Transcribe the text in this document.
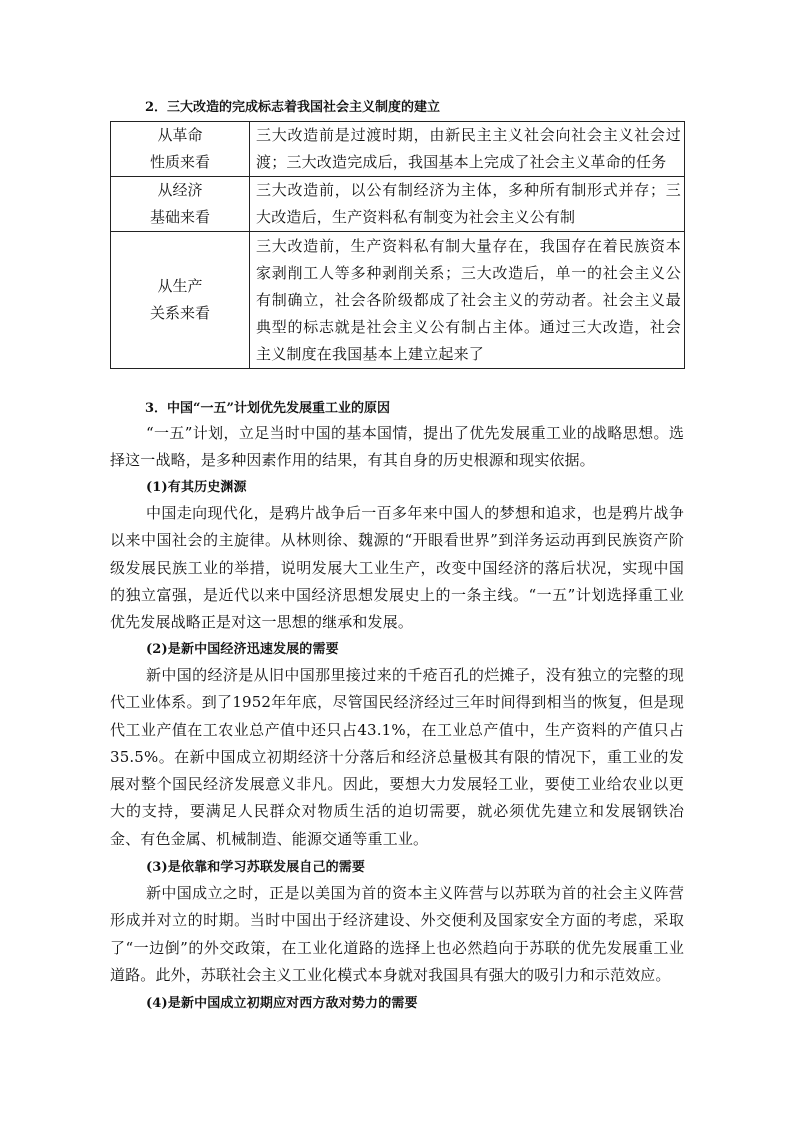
2．三大改造的完成标志着我国社会主义制度的建立
从革命
性质来看	三大改造前是过渡时期，由新民主主义社会向社会主义社会过渡；三大改造完成后，我国基本上完成了社会主义革命的任务

从经济
基础来看	三大改造前，以公有制经济为主体，多种所有制形式并存；三大改造后，生产资料私有制变为社会主义公有制

从生产
关系来看	三大改造前，生产资料私有制大量存在，我国存在着民族资本家剥削工人等多种剥削关系；三大改造后，单一的社会主义公有制确立，社会各阶级都成了社会主义的劳动者。社会主义最典型的标志就是社会主义公有制占主体。通过三大改造，社会主义制度在我国基本上建立起来了
3．中国“一五”计划优先发展重工业的原因
“一五”计划，立足当时中国的基本国情，提出了优先发展重工业的战略思想。选择这一战略，是多种因素作用的结果，有其自身的历史根源和现实依据。
(1)有其历史渊源
中国走向现代化，是鸦片战争后一百多年来中国人的梦想和追求，也是鸦片战争以来中国社会的主旋律。从林则徐、魏源的“开眼看世界”到洋务运动再到民族资产阶级发展民族工业的举措，说明发展大工业生产，改变中国经济的落后状况，实现中国的独立富强，是近代以来中国经济思想发展史上的一条主线。“一五”计划选择重工业优先发展战略正是对这一思想的继承和发展。
(2)是新中国经济迅速发展的需要
新中国的经济是从旧中国那里接过来的千疮百孔的烂摊子，没有独立的完整的现代工业体系。到了1952年年底，尽管国民经济经过三年时间得到相当的恢复，但是现代工业产值在工农业总产值中还只占43.1%，在工业总产值中，生产资料的产值只占35.5%。在新中国成立初期经济十分落后和经济总量极其有限的情况下，重工业的发展对整个国民经济发展意义非凡。因此，要想大力发展轻工业，要使工业给农业以更大的支持，要满足人民群众对物质生活的迫切需要，就必须优先建立和发展钢铁冶金、有色金属、机械制造、能源交通等重工业。
(3)是依靠和学习苏联发展自己的需要
新中国成立之时，正是以美国为首的资本主义阵营与以苏联为首的社会主义阵营形成并对立的时期。当时中国出于经济建设、外交便利及国家安全方面的考虑，采取了“一边倒”的外交政策，在工业化道路的选择上也必然趋向于苏联的优先发展重工业道路。此外，苏联社会主义工业化模式本身就对我国具有强大的吸引力和示范效应。
(4)是新中国成立初期应对西方敌对势力的需要
